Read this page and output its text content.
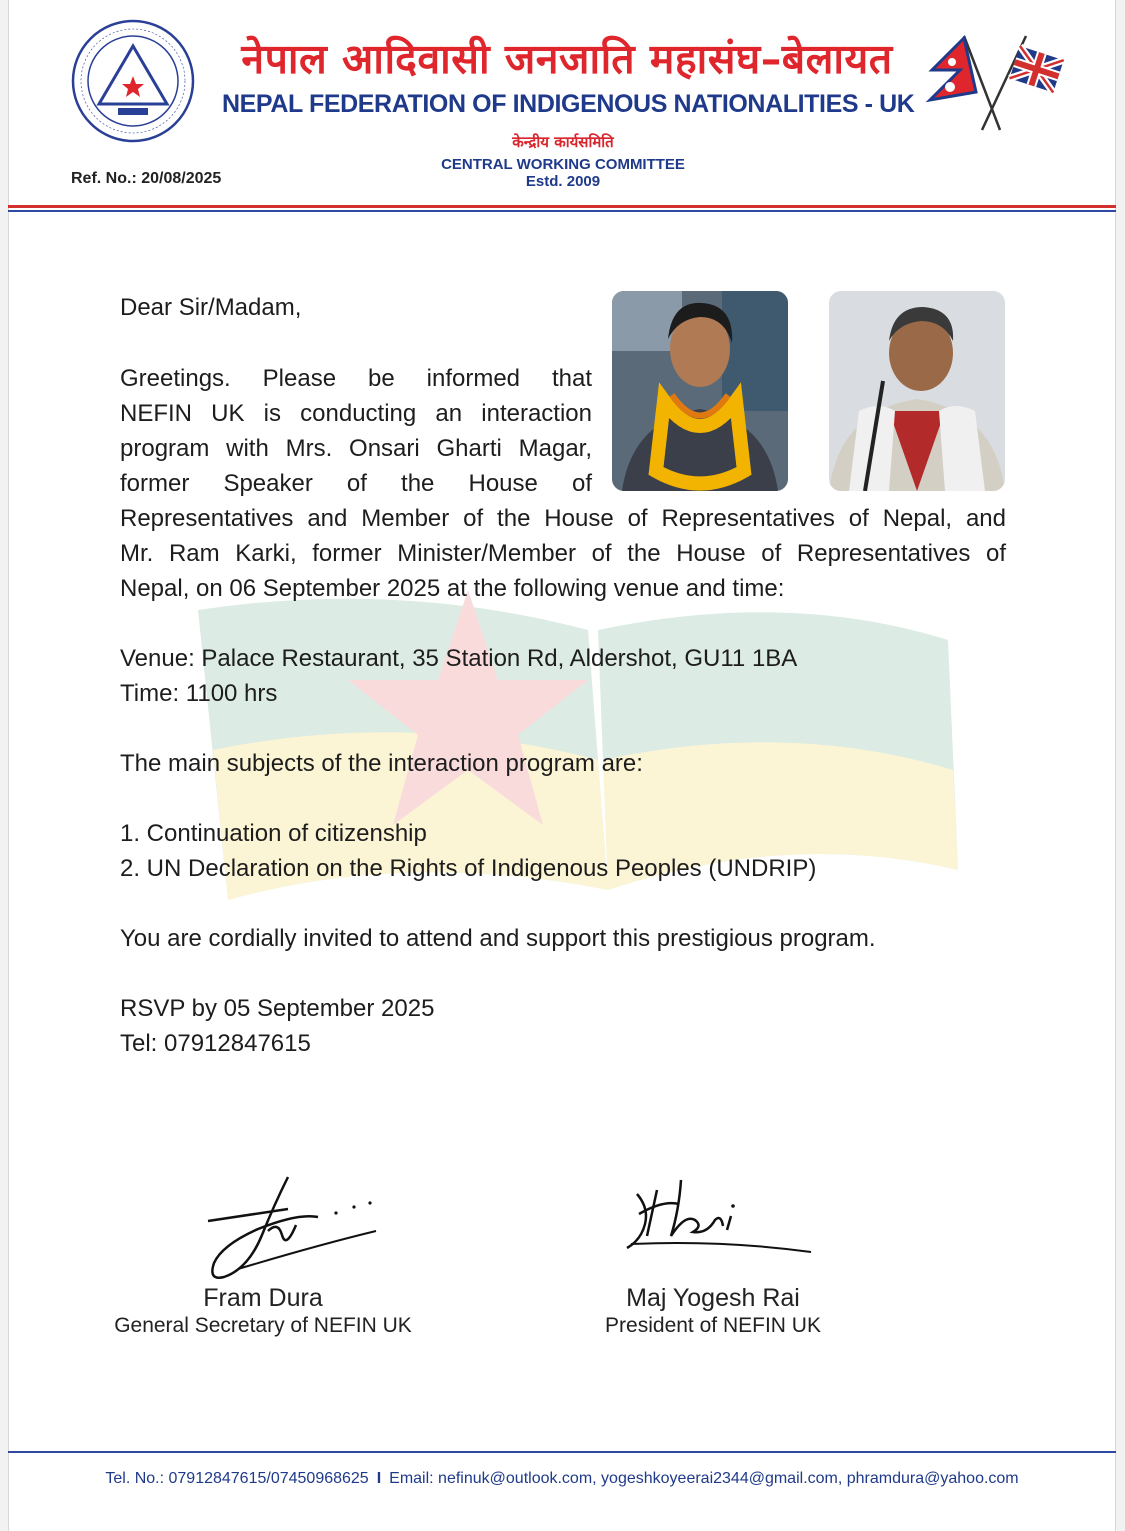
नेपाल आदिवासी जनजाति महासंघ–बेलायत
NEPAL FEDERATION OF INDIGENOUS NATIONALITIES - UK
केन्द्रीय कार्यसमिति
CENTRAL WORKING COMMITTEE
Estd. 2009
Ref. No.: 20/08/2025
Dear Sir/Madam,
Greetings. Please be informed that
NEFIN UK is conducting an interaction
program with Mrs. Onsari Gharti Magar,
former Speaker of the House of
Representatives and Member of the House of Representatives of Nepal, and
Mr. Ram Karki, former Minister/Member of the House of Representatives of
Nepal, on 06 September 2025 at the following venue and time:
Venue: Palace Restaurant, 35 Station Rd, Aldershot, GU11 1BA
Time: 1100 hrs
The main subjects of the interaction program are:
1. Continuation of citizenship
2. UN Declaration on the Rights of Indigenous Peoples (UNDRIP)
You are cordially invited to attend and support this prestigious program.
RSVP by 05 September 2025
Tel: 07912847615
Fram Dura
General Secretary of NEFIN UK
Maj Yogesh Rai
President of NEFIN UK
Tel. No.: 07912847615/07450968625 I Email: nefinuk@outlook.com, yogeshkoyeerai2344@gmail.com, phramdura@yahoo.com
